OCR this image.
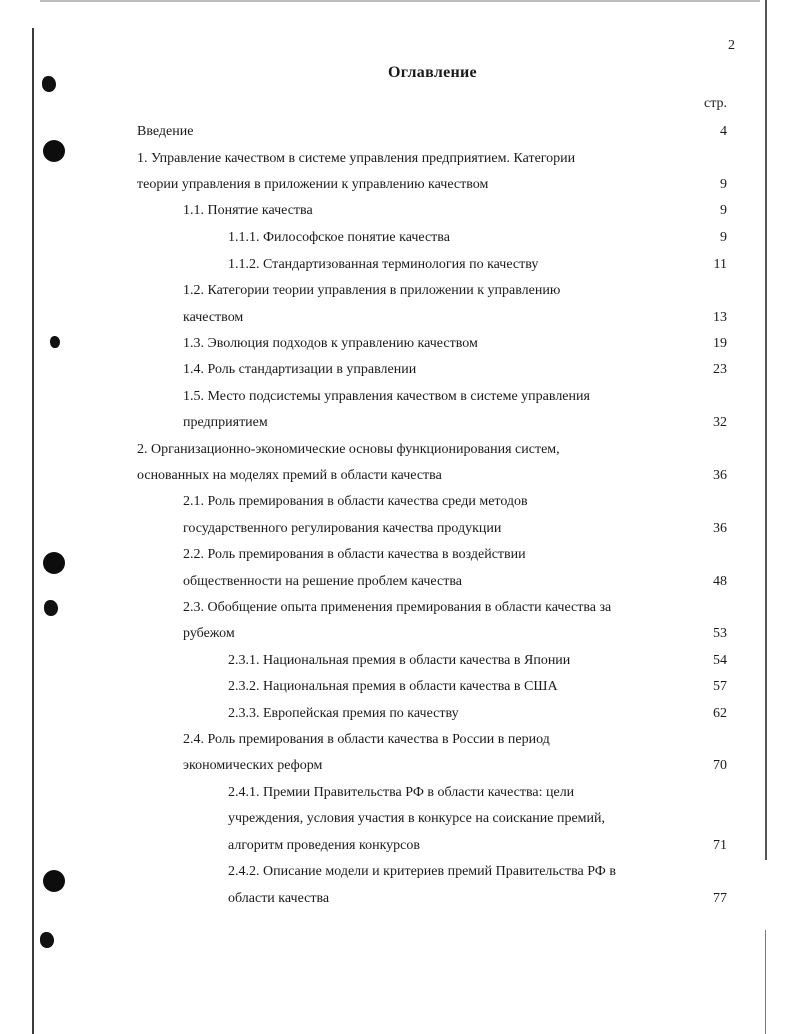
2
Оглавление
стр.
Введение	4
1. Управление качеством в системе управления предприятием. Категории
теории управления в приложении к управлению качеством	9
1.1. Понятие качества	9
1.1.1. Философское понятие качества	9
1.1.2. Стандартизованная терминология по качеству	11
1.2. Категории теории управления в приложении к управлению
качеством	13
1.3. Эволюция подходов к управлению качеством	19
1.4. Роль стандартизации в управлении	23
1.5. Место подсистемы управления качеством в системе управления
предприятием	32
2. Организационно-экономические основы функционирования систем,
основанных на моделях премий в области качества	36
2.1. Роль премирования в области качества среди методов
государственного регулирования качества продукции	36
2.2. Роль премирования в области качества в воздействии
общественности на решение проблем качества	48
2.3. Обобщение опыта применения премирования в области качества за
рубежом	53
2.3.1. Национальная премия в области качества в Японии	54
2.3.2. Национальная премия в области качества в США	57
2.3.3. Европейская премия по качеству	62
2.4. Роль премирования в области качества в России в период
экономических реформ	70
2.4.1. Премии Правительства РФ в области качества: цели
учреждения, условия участия в конкурсе на соискание премий,
алгоритм проведения конкурсов	71
2.4.2. Описание модели и критериев премий Правительства РФ в
области качества	77
